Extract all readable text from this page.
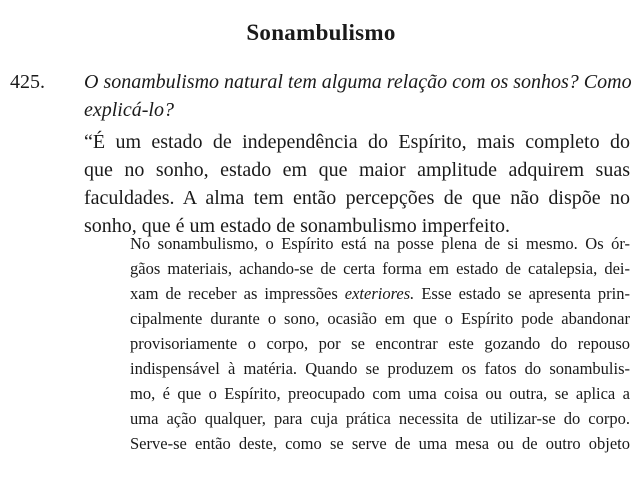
Sonambulismo
425. O sonambulismo natural tem alguma relação com os sonhos? Como
explicá-lo?
“É um estado de independência do Espírito, mais completo do
que no sonho, estado em que maior amplitude adquirem suas
faculdades. A alma tem então percepções de que não dispõe no
sonho, que é um estado de sonambulismo imperfeito.
No sonambulismo, o Espírito está na posse plena de si mesmo. Os ór-
gãos materiais, achando-se de certa forma em estado de catalepsia, dei-
xam de receber as impressões exteriores. Esse estado se apresenta prin-
cipalmente durante o sono, ocasião em que o Espírito pode abandonar
provisoriamente o corpo, por se encontrar este gozando do repouso
indispensável à matéria. Quando se produzem os fatos do sonambulis-
mo, é que o Espírito, preocupado com uma coisa ou outra, se aplica a
uma ação qualquer, para cuja prática necessita de utilizar-se do corpo.
Serve-se então deste, como se serve de uma mesa ou de outro objeto
